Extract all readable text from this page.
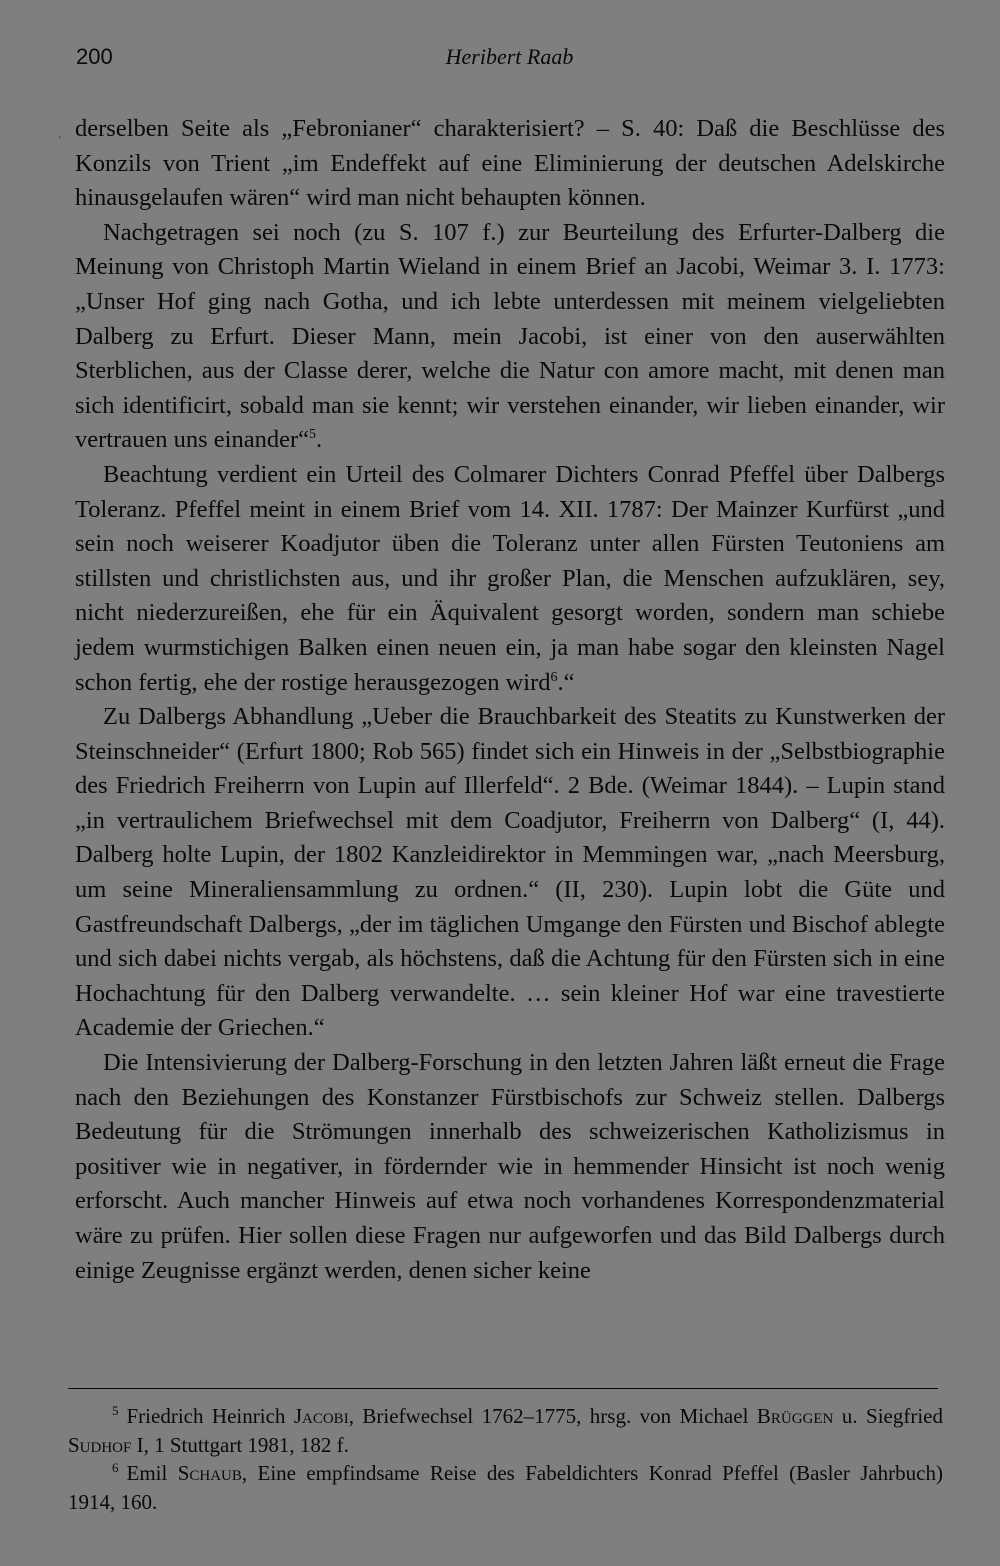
200	Heribert Raab
ˋ derselben Seite als „Febronianer“ charakterisiert? – S. 40: Daß die Beschlüsse des Konzils von Trient „im Endeffekt auf eine Eliminierung der deutschen Adelskirche hinausgelaufen wären“ wird man nicht behaupten können.

Nachgetragen sei noch (zu S. 107 f.) zur Beurteilung des Erfurter-Dalberg die Meinung von Christoph Martin Wieland in einem Brief an Jacobi, Weimar 3. I. 1773: „Unser Hof ging nach Gotha, und ich lebte unterdessen mit meinem vielgeliebten Dalberg zu Erfurt. Dieser Mann, mein Jacobi, ist einer von den auserwählten Sterblichen, aus der Classe derer, welche die Natur con amore macht, mit denen man sich identificirt, sobald man sie kennt; wir verstehen einander, wir lieben einander, wir vertrauen uns einander“$^5$.

Beachtung verdient ein Urteil des Colmarer Dichters Conrad Pfeffel über Dalbergs Toleranz. Pfeffel meint in einem Brief vom 14. XII. 1787: Der Mainzer Kurfürst „und sein noch weiserer Koadjutor üben die Toleranz unter allen Fürsten Teutoniens am stillsten und christlichsten aus, und ihr großer Plan, die Menschen aufzuklären, sey, nicht niederzureißen, ehe für ein Äquivalent gesorgt worden, sondern man schiebe jedem wurmstichigen Balken einen neuen ein, ja man habe sogar den kleinsten Nagel schon fertig, ehe der rostige herausgezogen wird$^6$.“

Zu Dalbergs Abhandlung „Ueber die Brauchbarkeit des Steatits zu Kunstwerken der Steinschneider“ (Erfurt 1800; Rob 565) findet sich ein Hinweis in der „Selbstbiographie des Friedrich Freiherrn von Lupin auf Illerfeld“. 2 Bde. (Weimar 1844). – Lupin stand „in vertraulichem Briefwechsel mit dem Coadjutor, Freiherrn von Dalberg“ (I, 44). Dalberg holte Lupin, der 1802 Kanzleidirektor in Memmingen war, „nach Meersburg, um seine Mineraliensammlung zu ordnen.“ (II, 230). Lupin lobt die Güte und Gastfreundschaft Dalbergs, „der im täglichen Umgange den Fürsten und Bischof ablegte und sich dabei nichts vergab, als höchstens, daß die Achtung für den Fürsten sich in eine Hochachtung für den Dalberg verwandelte. … sein kleiner Hof war eine travestierte Academie der Griechen.“

Die Intensivierung der Dalberg-Forschung in den letzten Jahren läßt erneut die Frage nach den Beziehungen des Konstanzer Fürstbischofs zur Schweiz stellen. Dalbergs Bedeutung für die Strömungen innerhalb des schweizerischen Katholizismus in positiver wie in negativer, in fördernder wie in hemmender Hinsicht ist noch wenig erforscht. Auch mancher Hinweis auf etwa noch vorhandenes Korrespondenzmaterial wäre zu prüfen. Hier sollen diese Fragen nur aufgeworfen und das Bild Dalbergs durch einige Zeugnisse ergänzt werden, denen sicher keine

5 Friedrich Heinrich Jacobi, Briefwechsel 1762–1775, hrsg. von Michael Brüggen u. Siegfried Sudhof I, 1 Stuttgart 1981, 182 f.

6 Emil Schaub, Eine empfindsame Reise des Fabeldichters Konrad Pfeffel (Basler Jahrbuch) 1914, 160.
